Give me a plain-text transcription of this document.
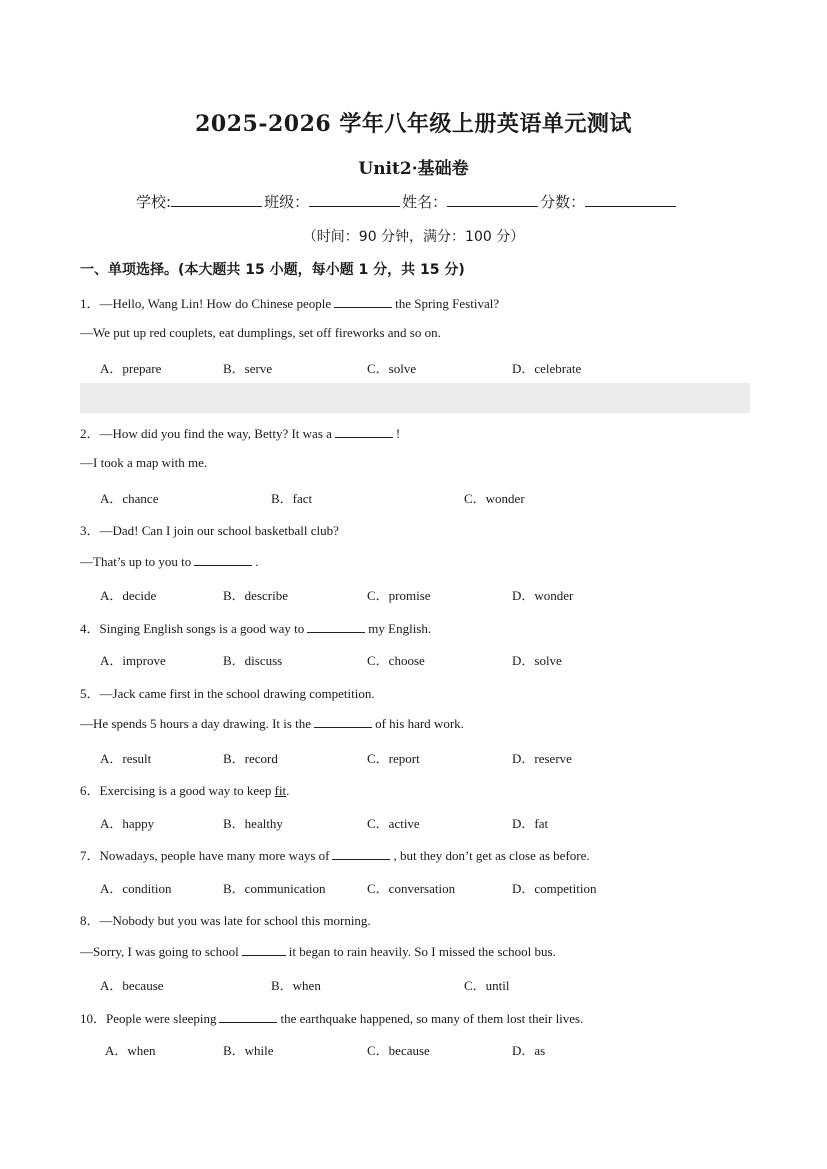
2025-2026 学年八年级上册英语单元测试
Unit2·基础卷
学校:	班级：	姓名：	分数：
（时间：90 分钟，满分：100 分）
一、单项选择。(本大题共 15 小题，每小题 1 分，共 15 分)
1．—Hello, Wang Lin! How do Chinese people	the Spring Festival?
—We put up red couplets, eat dumplings, set off fireworks and so on.
A．prepare	B．serve	C．solve	D．celebrate
2．—How did you find the way, Betty? It was a	!
—I took a map with me.
A．chance	B．fact	C．wonder
3．—Dad! Can I join our school basketball club?
—That’s up to you to	.
A．decide	B．describe	C．promise	D．wonder
4．Singing English songs is a good way to	my English.
A．improve	B．discuss	C．choose	D．solve
5．—Jack came first in the school drawing competition.
—He spends 5 hours a day drawing. It is the	of his hard work.
A．result	B．record	C．report	D．reserve
6．Exercising is a good way to keep fit.
A．happy	B．healthy	C．active	D．fat
7．Nowadays, people have many more ways of	, but they don’t get as close as before.
A．condition	B．communication	C．conversation	D．competition
8．—Nobody but you was late for school this morning.
—Sorry, I was going to school	it began to rain heavily. So I missed the school bus.
A．because	B．when	C．until
10．People were sleeping	the earthquake happened, so many of them lost their lives.
A．when	B．while	C．because	D．as
